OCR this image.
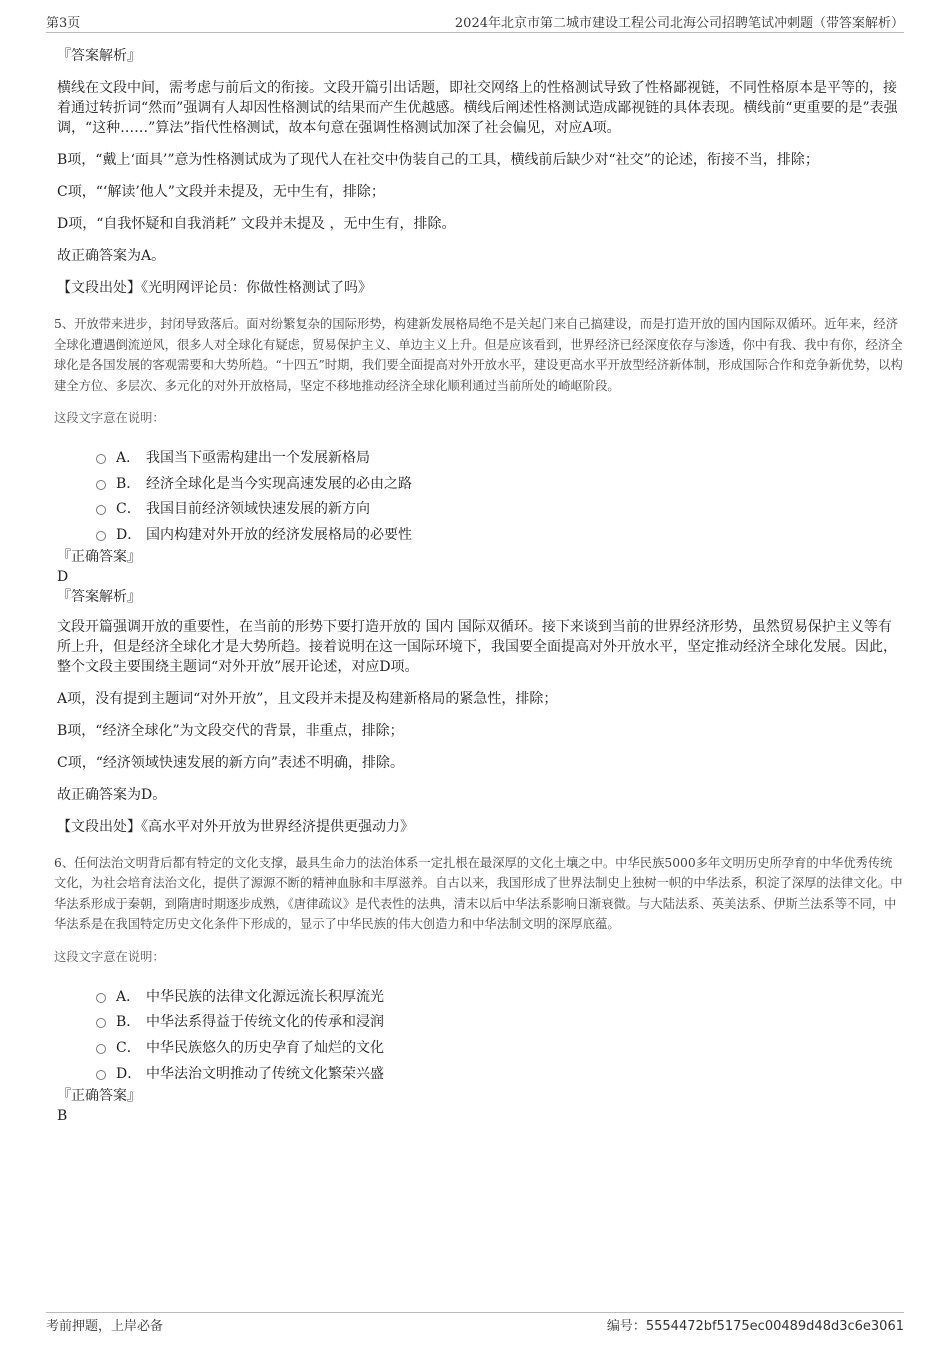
第3页	2024年北京市第二城市建设工程公司北海公司招聘笔试冲刺题（带答案解析）
『答案解析』

横线在文段中间，需考虑与前后文的衔接。文段开篇引出话题，即社交网络上的性格测试导致了性格鄙视链，不同性格原本是平等的，接着通过转折词“然而”强调有人却因性格测试的结果而产生优越感。横线后阐述性格测试造成鄙视链的具体表现。横线前“更重要的是”表强调，“这种……”算法”指代性格测试，故本句意在强调性格测试加深了社会偏见，对应A项。

B项，“戴上‘面具’”意为性格测试成为了现代人在社交中伪装自己的工具，横线前后缺少对“社交”的论述，衔接不当，排除；

C项，“‘解读’他人”文段并未提及，无中生有，排除；

D项，“自我怀疑和自我消耗” 文段并未提及 ，无中生有，排除。

故正确答案为A。

【文段出处】《光明网评论员：你做性格测试了吗》

5、开放带来进步，封闭导致落后。面对纷繁复杂的国际形势，构建新发展格局绝不是关起门来自己搞建设，而是打造开放的国内国际双循环。近年来，经济全球化遭遇倒流逆风，很多人对全球化有疑虑，贸易保护主义、单边主义上升。但是应该看到，世界经济已经深度依存与渗透，你中有我、我中有你，经济全球化是各国发展的客观需要和大势所趋。“十四五”时期，我们要全面提高对外开放水平，建设更高水平开放型经济新体制，形成国际合作和竞争新优势，以构建全方位、多层次、多元化的对外开放格局，坚定不移地推动经济全球化顺利通过当前所处的崎岖阶段。
这段文字意在说明：
A． 我国当下亟需构建出一个发展新格局
B． 经济全球化是当今实现高速发展的必由之路
C． 我国目前经济领域快速发展的新方向
D． 国内构建对外开放的经济发展格局的必要性
『正确答案』
D
『答案解析』

文段开篇强调开放的重要性，在当前的形势下要打造开放的 国内 国际双循环。接下来谈到当前的世界经济形势，虽然贸易保护主义等有所上升，但是经济全球化才是大势所趋。接着说明在这一国际环境下，我国要全面提高对外开放水平，坚定推动经济全球化发展。因此，整个文段主要围绕主题词“对外开放”展开论述，对应D项。

A项，没有提到主题词“对外开放”，且文段并未提及构建新格局的紧急性，排除；

B项，“经济全球化”为文段交代的背景，非重点，排除；

C项，“经济领域快速发展的新方向”表述不明确，排除。

故正确答案为D。

【文段出处】《高水平对外开放为世界经济提供更强动力》

6、任何法治文明背后都有特定的文化支撑，最具生命力的法治体系一定扎根在最深厚的文化土壤之中。中华民族5000多年文明历史所孕育的中华优秀传统文化，为社会培育法治文化，提供了源源不断的精神血脉和丰厚滋养。自古以来，我国形成了世界法制史上独树一帜的中华法系，积淀了深厚的法律文化。中华法系形成于秦朝，到隋唐时期逐步成熟，《唐律疏议》是代表性的法典，清末以后中华法系影响日渐衰微。与大陆法系、英美法系、伊斯兰法系等不同，中华法系是在我国特定历史文化条件下形成的，显示了中华民族的伟大创造力和中华法制文明的深厚底蕴。
这段文字意在说明：
A． 中华民族的法律文化源远流长积厚流光
B． 中华法系得益于传统文化的传承和浸润
C． 中华民族悠久的历史孕育了灿烂的文化
D． 中华法治文明推动了传统文化繁荣兴盛
『正确答案』
B
考前押题，上岸必备	编号：5554472bf5175ec00489d48d3c6e3061
